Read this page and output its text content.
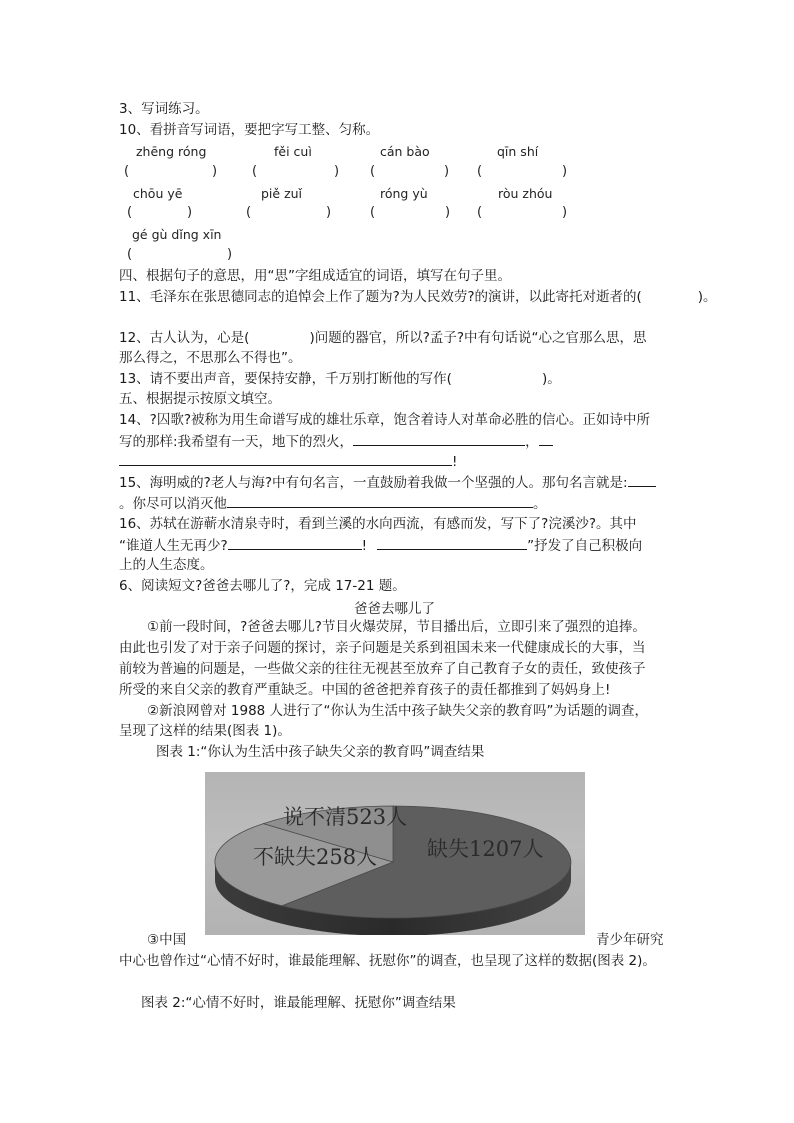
3、写词练习。
10、看拼音写词语，要把字写工整、匀称。
zhēng róng	fěi cuì	cán bào	qīn shí
(	)	(	) (	) (	)
chōu yē	piě zuǐ	róng yù	ròu zhóu
(	)	(	)	(	) (	)
gé gù dǐng xīn
(	)
四、根据句子的意思，用“思”字组成适宜的词语，填写在句子里。
11、毛泽东在张思德同志的追悼会上作了题为?为人民效劳?的演讲，以此寄托对逝者的(	)。
12、古人认为，心是(	)问题的器官，所以?孟子?中有句话说“心之官那么思，思
那么得之，不思那么不得也”。
13、请不要出声音，要保持安静，千万别打断他的写作(	)。
五、根据提示按原文填空。
14、?囚歌?被称为用生命谱写成的雄壮乐章，饱含着诗人对革命必胜的信心。正如诗中所
写的那样:我希望有一天，地下的烈火，	，
!
15、海明威的?老人与海?中有句名言，一直鼓励着我做一个坚强的人。那句名言就是:
。你尽可以消灭他	。
16、苏轼在游蕲水清泉寺时，看到兰溪的水向西流，有感而发，写下了?浣溪沙?。其中
“谁道人生无再少?	!	”抒发了自己积极向
上的人生态度。
6、阅读短文?爸爸去哪儿了?，完成 17-21 题。
爸爸去哪儿了
①前一段时间，?爸爸去哪儿?节目火爆荧屏，节目播出后，立即引来了强烈的追捧。
由此也引发了对于亲子问题的探讨，亲子问题是关系到祖国未来一代健康成长的大事，当
前较为普遍的问题是，一些做父亲的往往无视甚至放弃了自己教育子女的责任，致使孩子
所受的来自父亲的教育严重缺乏。中国的爸爸把养育孩子的责任都推到了妈妈身上!
②新浪网曾对 1988 人进行了“你认为生活中孩子缺失父亲的教育吗”为话题的调查，
呈现了这样的结果(图表 1)。
图表 1:“你认为生活中孩子缺失父亲的教育吗”调查结果
说不清523人
不缺失258人 缺失1207人
③中国	青少年研究
中心也曾作过“心情不好时，谁最能理解、抚慰你”的调查，也呈现了这样的数据(图表 2)。
图表 2:“心情不好时，谁最能理解、抚慰你”调查结果
